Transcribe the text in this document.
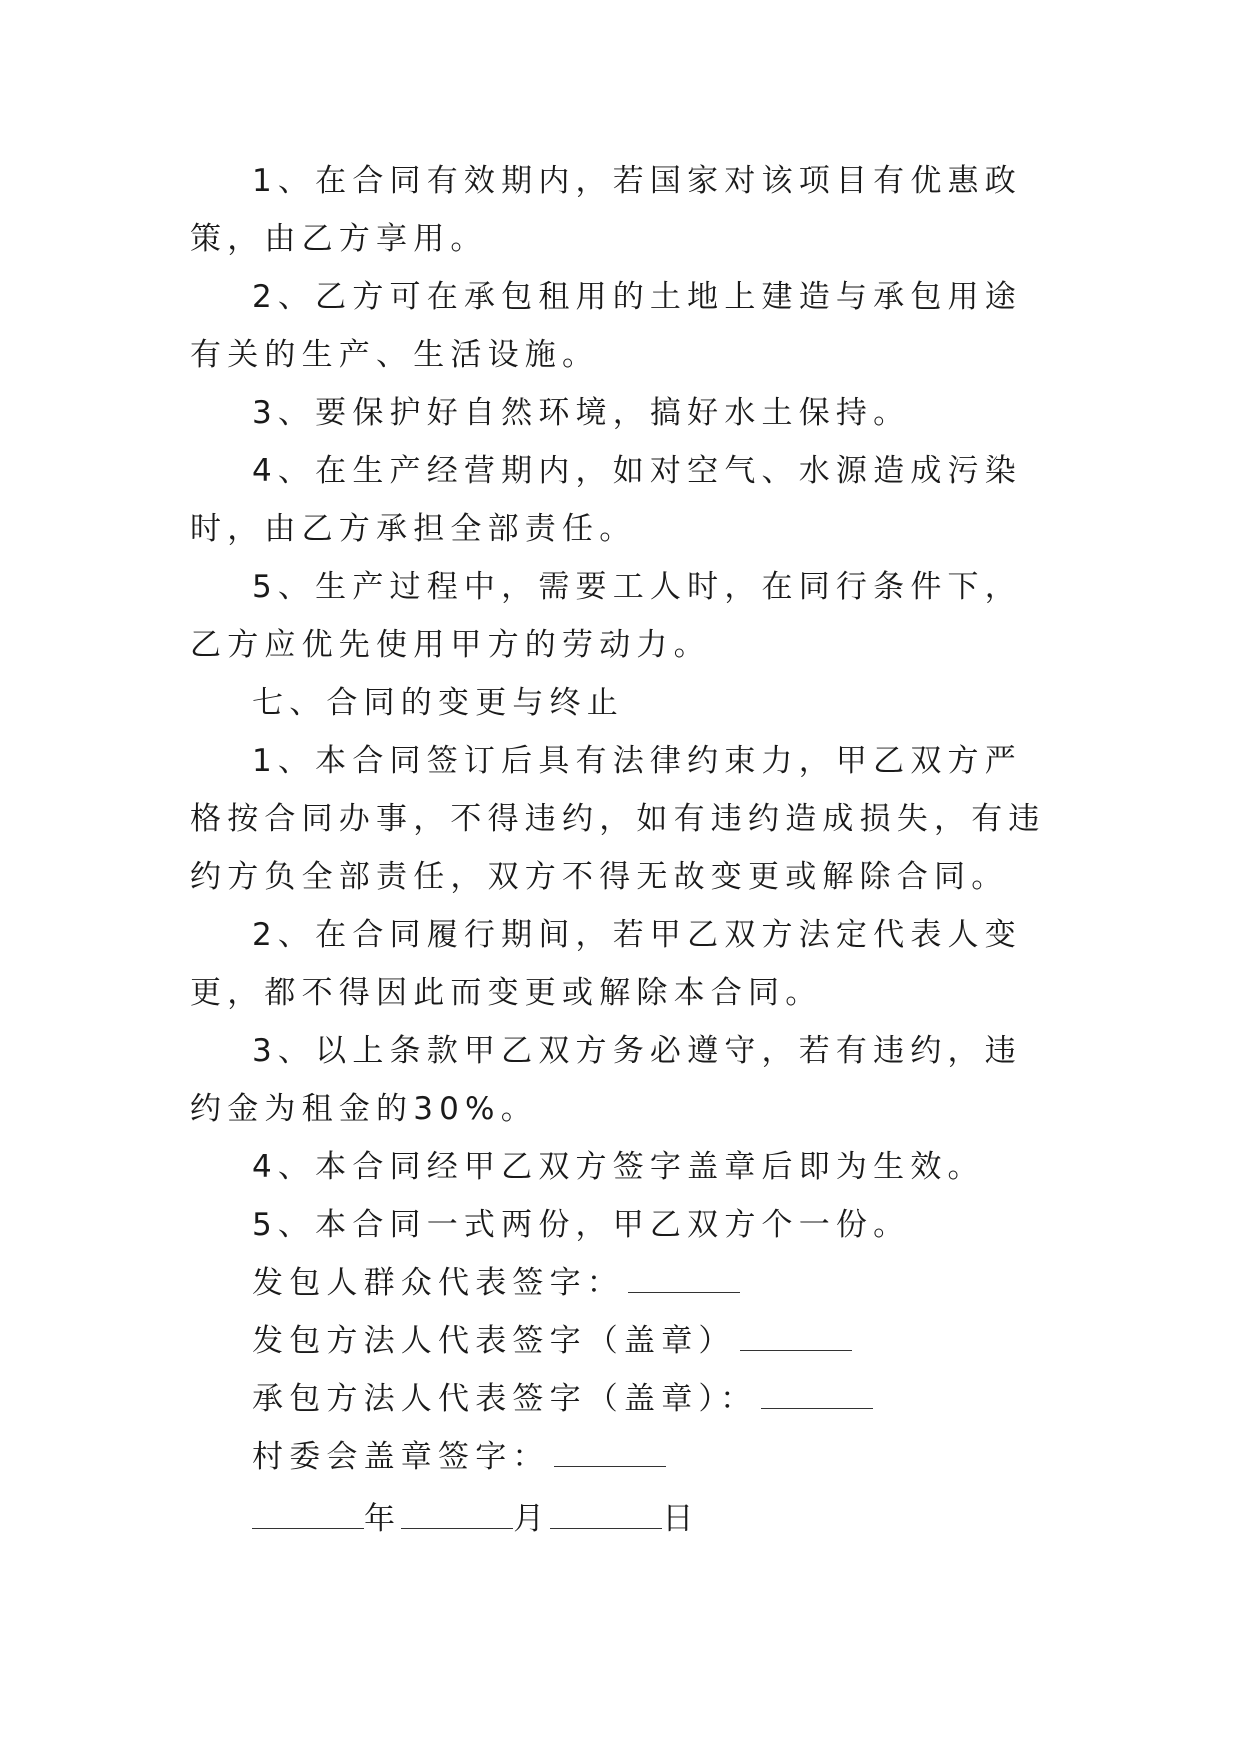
1、在合同有效期内，若国家对该项目有优惠政策，由乙方享用。

2、乙方可在承包租用的土地上建造与承包用途有关的生产、生活设施。

3、要保护好自然环境，搞好水土保持。

4、在生产经营期内，如对空气、水源造成污染时，由乙方承担全部责任。

5、生产过程中，需要工人时，在同行条件下，乙方应优先使用甲方的劳动力。

七、合同的变更与终止

1、本合同签订后具有法律约束力，甲乙双方严格按合同办事，不得违约，如有违约造成损失，有违约方负全部责任，双方不得无故变更或解除合同。

2、在合同履行期间，若甲乙双方法定代表人变更，都不得因此而变更或解除本合同。

3、以上条款甲乙双方务必遵守，若有违约，违约金为租金的30%。

4、本合同经甲乙双方签字盖章后即为生效。

5、本合同一式两份，甲乙双方个一份。

发包人群众代表签字：

发包方法人代表签字（盖章）

承包方法人代表签字（盖章）：

村委会盖章签字：

年	月	日
